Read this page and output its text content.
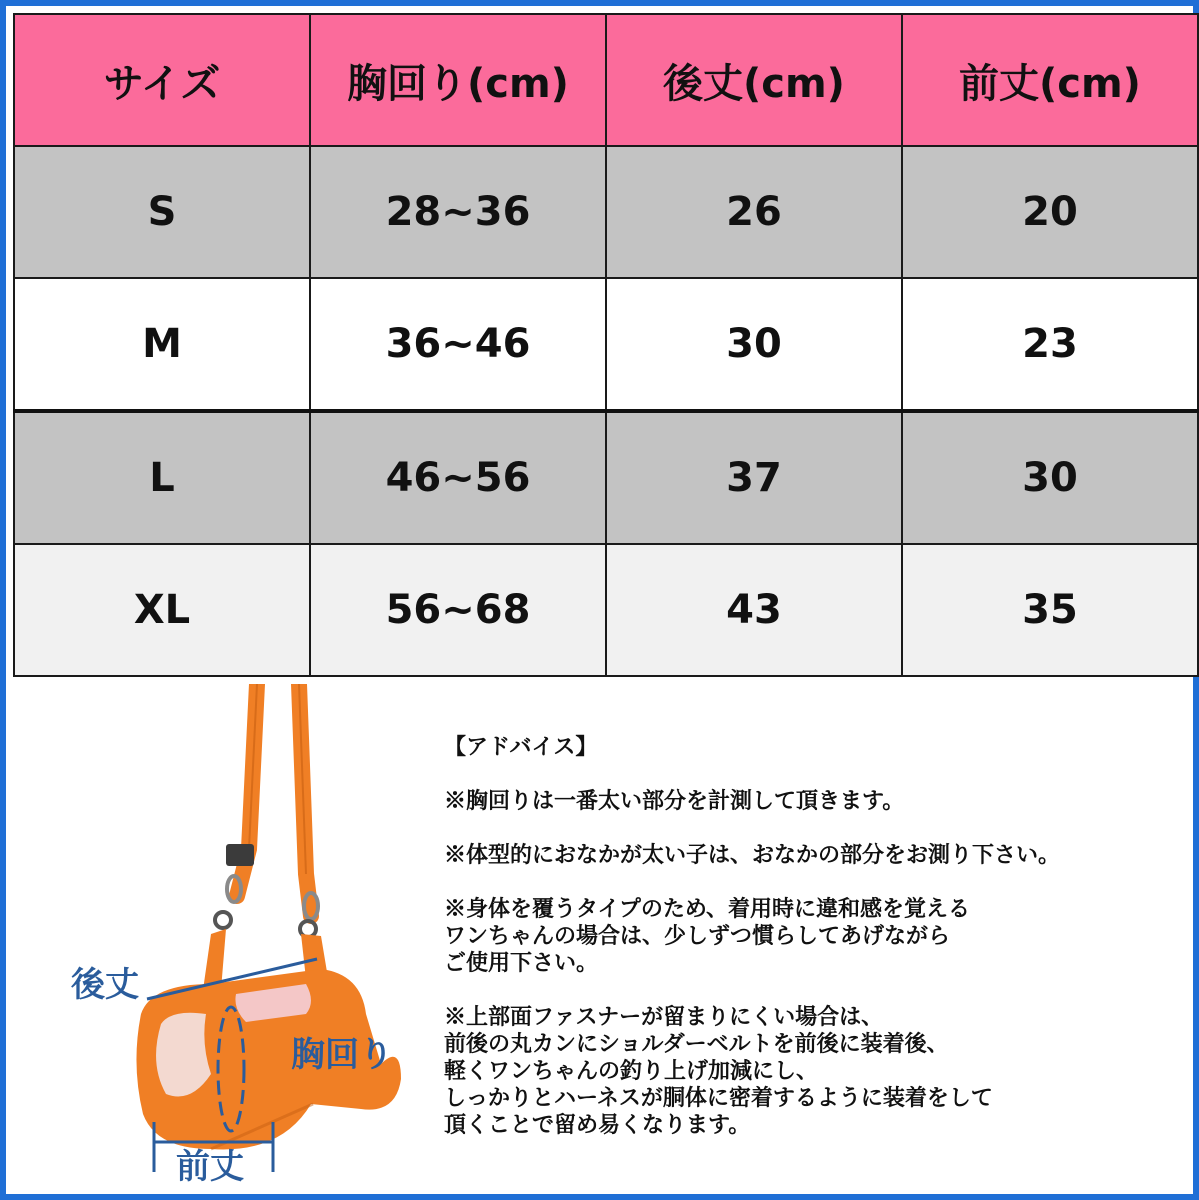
サイズ	胸回り(cm)	後丈(cm)	前丈(cm)
S	28~36	26	20
M	36~46	30	23
L	46~56	37	30
XL	56~68	43	35
後丈
胸回り
前丈
【アドバイス】
※胸回りは一番太い部分を計測して頂きます。
※体型的におなかが太い子は、おなかの部分をお測り下さい。
※身体を覆うタイプのため、着用時に違和感を覚える
ワンちゃんの場合は、少しずつ慣らしてあげながら
ご使用下さい。
※上部面ファスナーが留まりにくい場合は、
前後の丸カンにショルダーベルトを前後に装着後、
軽くワンちゃんの釣り上げ加減にし、
しっかりとハーネスが胴体に密着するように装着をして
頂くことで留め易くなります。
